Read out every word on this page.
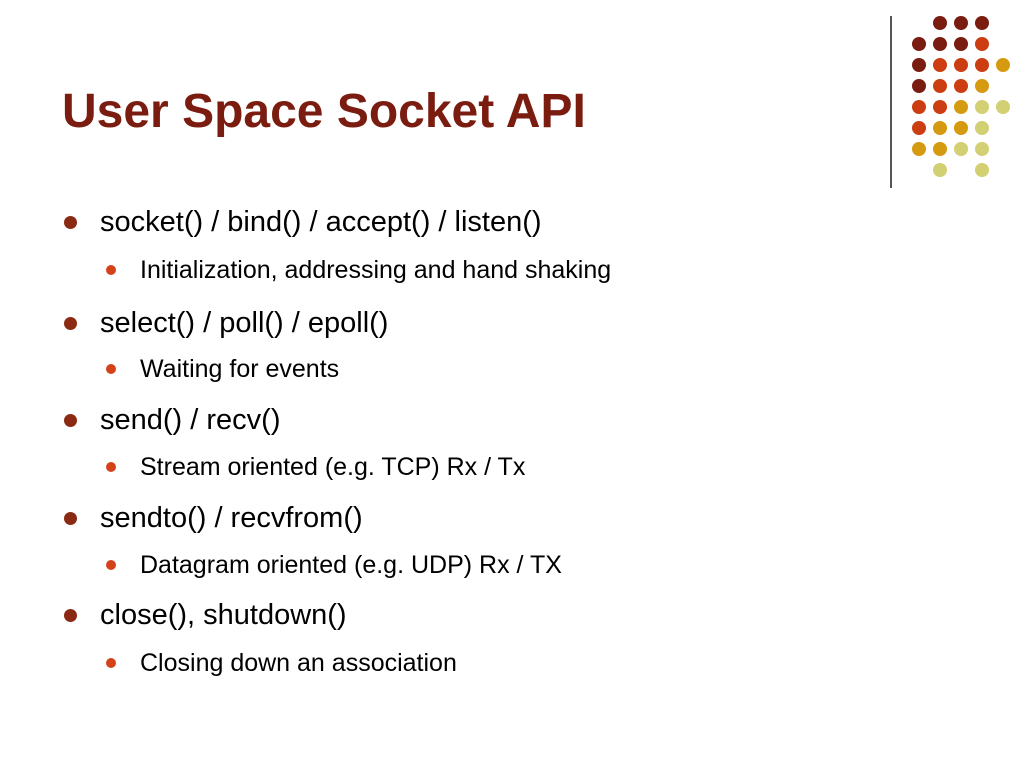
User Space Socket API
socket() / bind() / accept() / listen()
Initialization, addressing and hand shaking
select() / poll() / epoll()
Waiting for events
send() / recv()
Stream oriented (e.g. TCP) Rx / Tx
sendto() / recvfrom()
Datagram oriented (e.g. UDP) Rx / TX
close(), shutdown()
Closing down an association
